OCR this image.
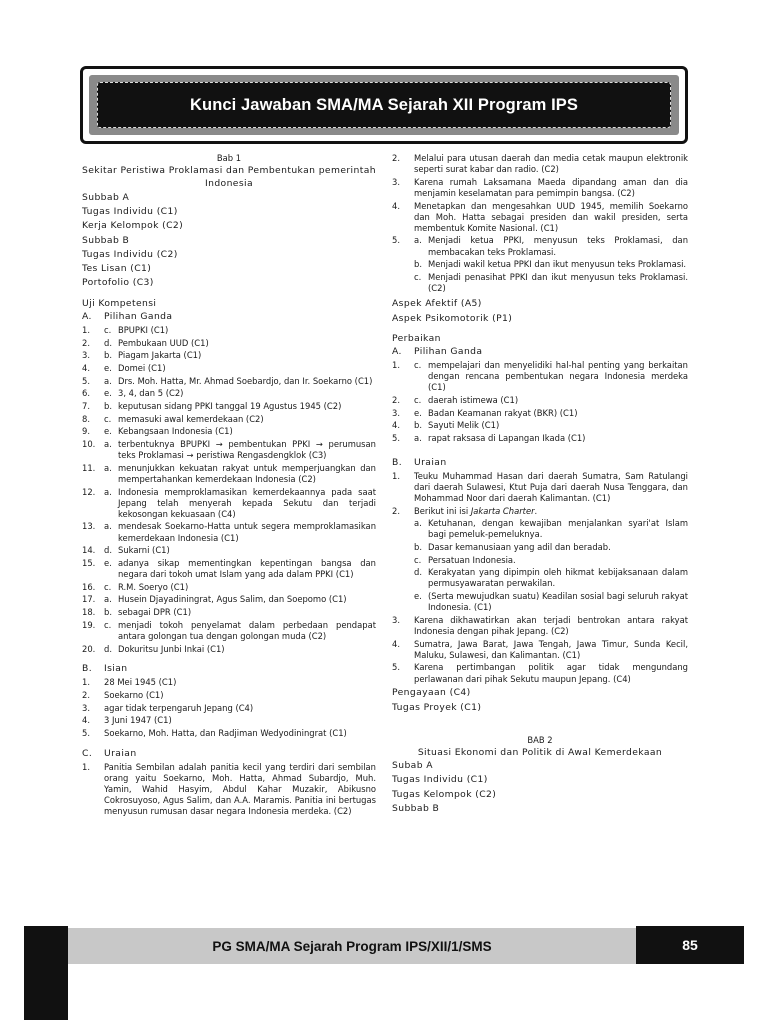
Kunci Jawaban SMA/MA Sejarah XII Program IPS
Bab 1
Sekitar Peristiwa Proklamasi dan Pembentukan pemerintah Indonesia
Subbab A
Tugas Individu (C1)
Kerja Kelompok (C2)
Subbab B
Tugas Individu (C2)
Tes Lisan (C1)
Portofolio (C3)
Uji Kompetensi
A.	Pilihan Ganda
1.	c. BPUPKI (C1)
2.	d. Pembukaan UUD (C1)
3.	b. Piagam Jakarta (C1)
4.	e. Domei (C1)
5.	a. Drs. Moh. Hatta, Mr. Ahmad Soebardjo, dan Ir. Soekarno (C1)
6.	e. 3, 4, dan 5 (C2)
7.	b. keputusan sidang PPKI tanggal 19 Agustus 1945 (C2)
8.	c. memasuki awal kemerdekaan (C2)
9.	e. Kebangsaan Indonesia (C1)
10.	a. terbentuknya BPUPKI → pembentukan PPKI → perumusan teks Proklamasi → peristiwa Rengasdengklok (C3)
11.	a. menunjukkan kekuatan rakyat untuk memperjuangkan dan mempertahankan kemerdekaan Indonesia (C2)
12.	a. Indonesia memproklamasikan kemerdekaannya pada saat Jepang telah menyerah kepada Sekutu dan terjadi kekosongan kekuasaan (C4)
13.	a. mendesak Soekarno-Hatta untuk segera memproklamasikan kemerdekaan Indonesia (C1)
14.	d. Sukarni (C1)
15.	e. adanya sikap mementingkan kepentingan bangsa dan negara dari tokoh umat Islam yang ada dalam PPKI (C1)
16.	c. R.M. Soeryo (C1)
17.	a. Husein Djayadiningrat, Agus Salim, dan Soepomo (C1)
18.	b. sebagai DPR (C1)
19.	c. menjadi tokoh penyelamat dalam perbedaan pendapat antara golongan tua dengan golongan muda (C2)
20.	d. Dokuritsu Junbi Inkai (C1)
B.	Isian
1.	28 Mei 1945 (C1)
2.	Soekarno (C1)
3.	agar tidak terpengaruh Jepang (C4)
4.	3 Juni 1947 (C1)
5.	Soekarno, Moh. Hatta, dan Radjiman Wedyodiningrat (C1)
C.	Uraian
1.	Panitia Sembilan adalah panitia kecil yang terdiri dari sembilan orang yaitu Soekarno, Moh. Hatta, Ahmad Subardjo, Muh. Yamin, Wahid Hasyim, Abdul Kahar Muzakir, Abikusno Cokrosuyoso, Agus Salim, dan A.A. Maramis. Panitia ini bertugas menyusun rumusan dasar negara Indonesia merdeka. (C2)
2.	Melalui para utusan daerah dan media cetak maupun elektronik seperti surat kabar dan radio. (C2)
3.	Karena rumah Laksamana Maeda dipandang aman dan dia menjamin keselamatan para pemimpin bangsa. (C2)
4.	Menetapkan dan mengesahkan UUD 1945, memilih Soekarno dan Moh. Hatta sebagai presiden dan wakil presiden, serta membentuk Komite Nasional. (C1)
5.	a. Menjadi ketua PPKI, menyusun teks Proklamasi, dan membacakan teks Proklamasi.
b. Menjadi wakil ketua PPKI dan ikut menyusun teks Proklamasi.
c. Menjadi penasihat PPKI dan ikut menyusun teks Proklamasi. (C2)
Aspek Afektif (A5)
Aspek Psikomotorik (P1)
Perbaikan
A.	Pilihan Ganda
1.	c. mempelajari dan menyelidiki hal-hal penting yang berkaitan dengan rencana pembentukan negara Indonesia merdeka (C1)
2.	c. daerah istimewa (C1)
3.	e. Badan Keamanan rakyat (BKR) (C1)
4.	b. Sayuti Melik (C1)
5.	a. rapat raksasa di Lapangan Ikada (C1)
B.	Uraian
1.	Teuku Muhammad Hasan dari daerah Sumatra, Sam Ratulangi dari daerah Sulawesi, Ktut Puja dari daerah Nusa Tenggara, dan Mohammad Noor dari daerah Kalimantan. (C1)
2.	Berikut ini isi Jakarta Charter.
a. Ketuhanan, dengan kewajiban menjalankan syari'at Islam bagi pemeluk-pemeluknya.
b. Dasar kemanusiaan yang adil dan beradab.
c. Persatuan Indonesia.
d. Kerakyatan yang dipimpin oleh hikmat kebijaksanaan dalam permusyawaratan perwakilan.
e. (Serta mewujudkan suatu) Keadilan sosial bagi seluruh rakyat Indonesia. (C1)
3.	Karena dikhawatirkan akan terjadi bentrokan antara rakyat Indonesia dengan pihak Jepang. (C2)
4.	Sumatra, Jawa Barat, Jawa Tengah, Jawa Timur, Sunda Kecil, Maluku, Sulawesi, dan Kalimantan. (C1)
5.	Karena pertimbangan politik agar tidak mengundang perlawanan dari pihak Sekutu maupun Jepang. (C4)
Pengayaan (C4)
Tugas Proyek (C1)
BAB 2
Situasi Ekonomi dan Politik di Awal Kemerdekaan
Subab A
Tugas Individu (C1)
Tugas Kelompok (C2)
Subbab B
PG SMA/MA Sejarah Program IPS/XII/1/SMS	85
